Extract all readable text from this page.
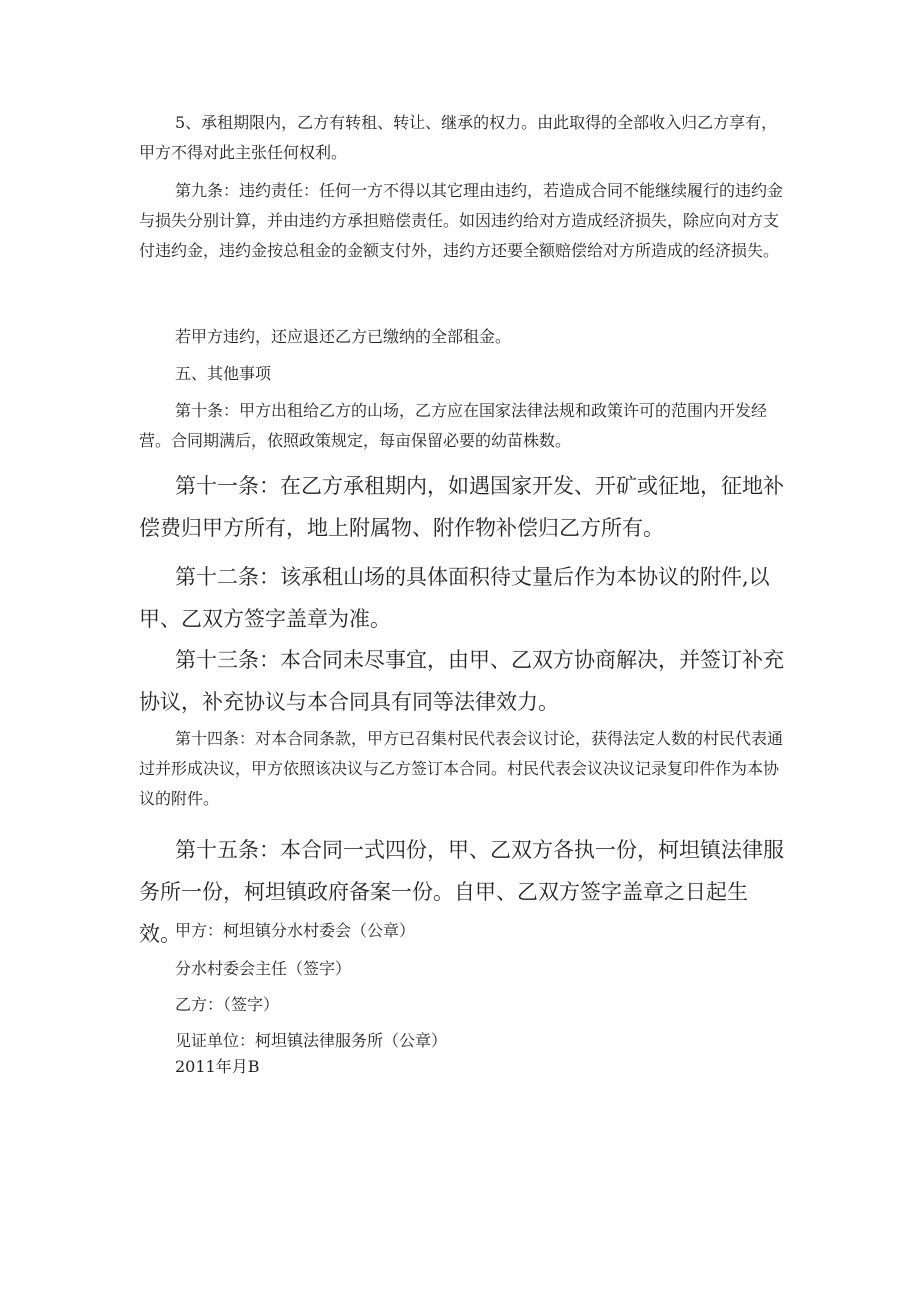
5、承租期限内，乙方有转租、转让、继承的权力。由此取得的全部收入归乙方享有，甲方不得对此主张任何权利。

第九条：违约责任：任何一方不得以其它理由违约，若造成合同不能继续履行的违约金与损失分别计算，并由违约方承担赔偿责任。如因违约给对方造成经济损失，除应向对方支付违约金，违约金按总租金的金额支付外，违约方还要全额赔偿给对方所造成的经济损失。

若甲方违约，还应退还乙方已缴纳的全部租金。

五、其他事项

第十条：甲方出租给乙方的山场，乙方应在国家法律法规和政策许可的范围内开发经营。合同期满后，依照政策规定，每亩保留必要的幼苗株数。

第十一条：在乙方承租期内，如遇国家开发、开矿或征地，征地补偿费归甲方所有，地上附属物、附作物补偿归乙方所有。

第十二条：该承租山场的具体面积待丈量后作为本协议的附件,以甲、乙双方签字盖章为准。

第十三条：本合同未尽事宜，由甲、乙双方协商解决，并签订补充协议，补充协议与本合同具有同等法律效力。

第十四条：对本合同条款，甲方已召集村民代表会议讨论，获得法定人数的村民代表通过并形成决议，甲方依照该决议与乙方签订本合同。村民代表会议决议记录复印件作为本协议的附件。

第十五条：本合同一式四份，甲、乙双方各执一份，柯坦镇法律服务所一份，柯坦镇政府备案一份。自甲、乙双方签字盖章之日起生效。

甲方：柯坦镇分水村委会（公章）

分水村委会主任（签字）

乙方：（签字）

见证单位：柯坦镇法律服务所（公章）

2011年月B
